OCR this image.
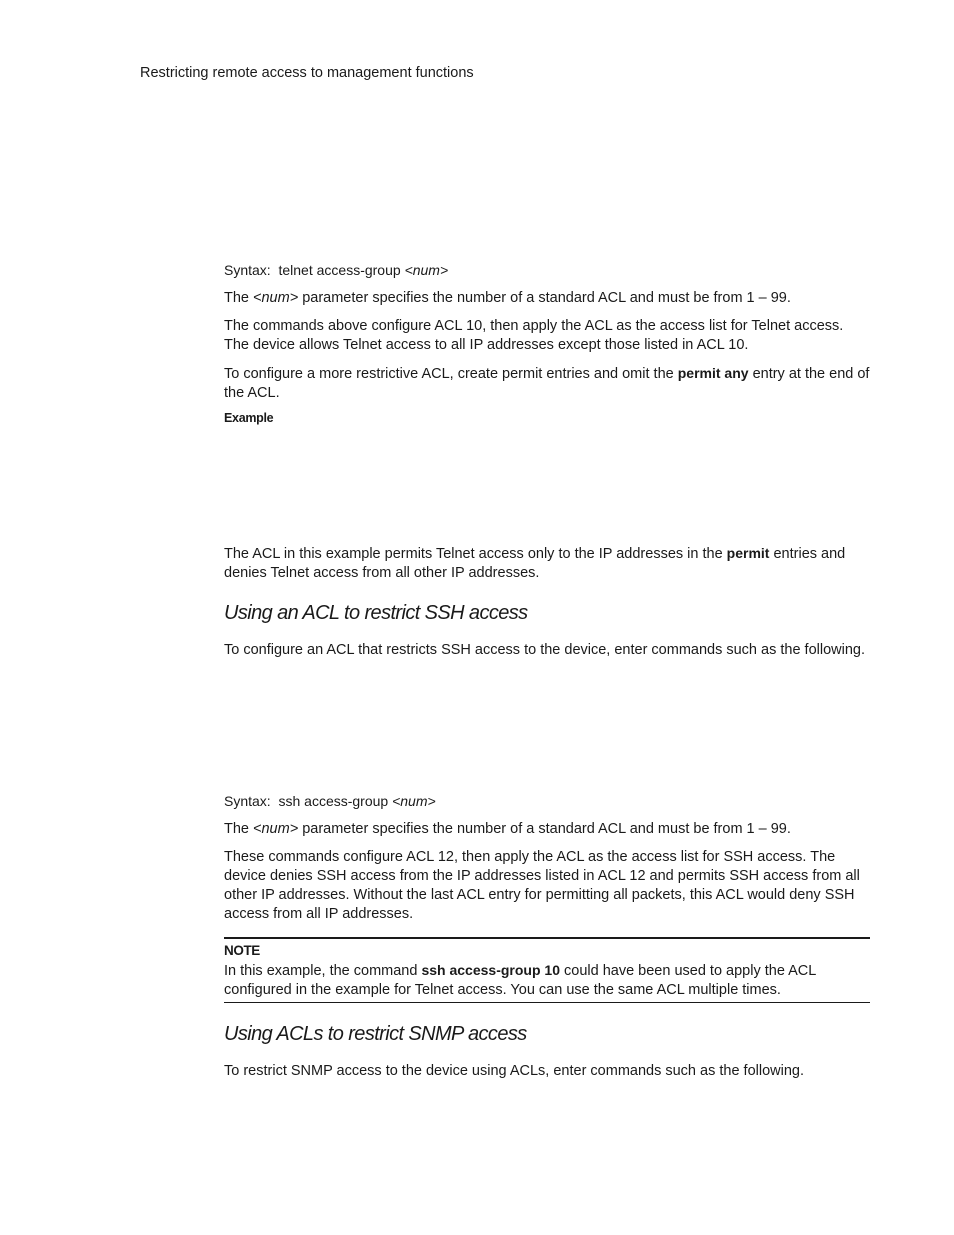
Restricting remote access to management functions
Syntax: telnet access-group <num>
The <num> parameter specifies the number of a standard ACL and must be from 1 – 99.

The commands above configure ACL 10, then apply the ACL as the access list for Telnet access. The device allows Telnet access to all IP addresses except those listed in ACL 10.

To configure a more restrictive ACL, create permit entries and omit the permit any entry at the end of the ACL.
Example
The ACL in this example permits Telnet access only to the IP addresses in the permit entries and denies Telnet access from all other IP addresses.
Using an ACL to restrict SSH access

To configure an ACL that restricts SSH access to the device, enter commands such as the following.

Syntax: ssh access-group <num>
The <num> parameter specifies the number of a standard ACL and must be from 1 – 99.

These commands configure ACL 12, then apply the ACL as the access list for SSH access. The device denies SSH access from the IP addresses listed in ACL 12 and permits SSH access from all other IP addresses. Without the last ACL entry for permitting all packets, this ACL would deny SSH access from all IP addresses.

NOTE
In this example, the command ssh access-group 10 could have been used to apply the ACL configured in the example for Telnet access. You can use the same ACL multiple times.
Using ACLs to restrict SNMP access

To restrict SNMP access to the device using ACLs, enter commands such as the following.
